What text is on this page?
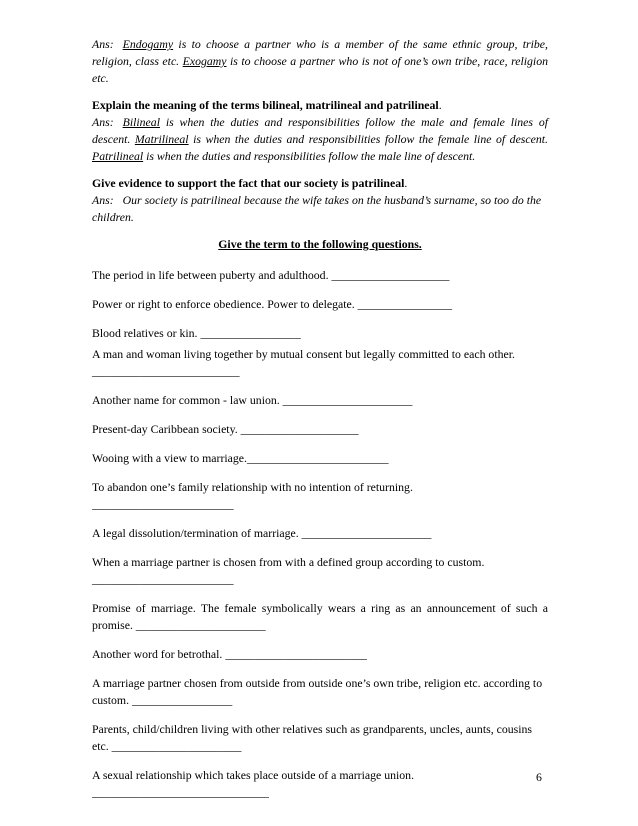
Ans: Endogamy is to choose a partner who is a member of the same ethnic group, tribe, religion, class etc. Exogamy is to choose a partner who is not of one’s own tribe, race, religion etc.
Explain the meaning of the terms bilineal, matrilineal and patrilineal.
Ans: Bilineal is when the duties and responsibilities follow the male and female lines of descent. Matrilineal is when the duties and responsibilities follow the female line of descent. Patrilineal is when the duties and responsibilities follow the male line of descent.
Give evidence to support the fact that our society is patrilineal.
Ans: Our society is patrilineal because the wife takes on the husband’s surname, so too do the children.
Give the term to the following questions.
The period in life between puberty and adulthood. ____________________
Power or right to enforce obedience. Power to delegate. ________________
Blood relatives or kin. _________________
A man and woman living together by mutual consent but legally committed to each other. _________________________
Another name for common - law union. ______________________
Present-day Caribbean society. ____________________
Wooing with a view to marriage.________________________
To abandon one’s family relationship with no intention of returning. ________________________
A legal dissolution/termination of marriage. ______________________
When a marriage partner is chosen from with a defined group according to custom. ________________________
Promise of marriage. The female symbolically wears a ring as an announcement of such a promise. ______________________
Another word for betrothal. ________________________
A marriage partner chosen from outside from outside one’s own tribe, religion etc. according to custom. _________________
Parents, child/children living with other relatives such as grandparents, uncles, aunts, cousins etc. ______________________
A sexual relationship which takes place outside of a marriage union. ______________________________
6
